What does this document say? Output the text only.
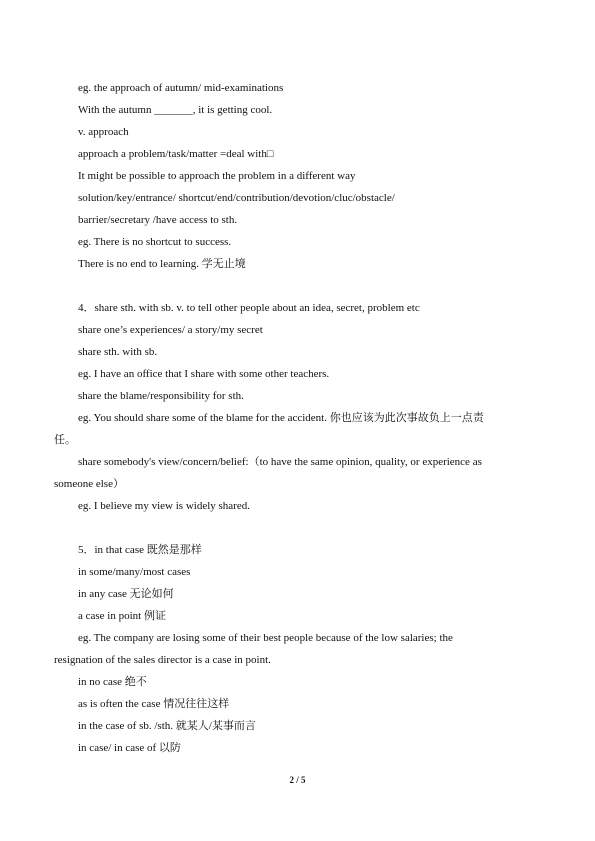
eg. the approach of autumn/ mid-examinations
With the autumn _______, it is getting cool.
v. approach
approach a problem/task/matter =deal with□
It might be possible to approach the problem in a different way
solution/key/entrance/ shortcut/end/contribution/devotion/cluc/obstacle/
barrier/secretary /have access to sth.
eg. There is no shortcut to success.
There is no end to learning. 学无止境
4．share sth. with sb. v. to tell other people about an idea, secret, problem etc
share one’s experiences/ a story/my secret
share sth. with sb.
eg. I have an office that I share with some other teachers.
share the blame/responsibility for sth.
eg. You should share some of the blame for the accident. 你也应该为此次事故负上一点责
任。
share somebody's view/concern/belief:（to have the same opinion, quality, or experience as
someone else）
eg. I believe my view is widely shared.
5．in that case 既然是那样
in some/many/most cases
in any case 无论如何
a case in point 例证
eg. The company are losing some of their best people because of the low salaries; the
resignation of the sales director is a case in point.
in no case 绝不
as is often the case 情况往往这样
in the case of sb. /sth. 就某人/某事而言
in case/ in case of 以防
2 / 5
